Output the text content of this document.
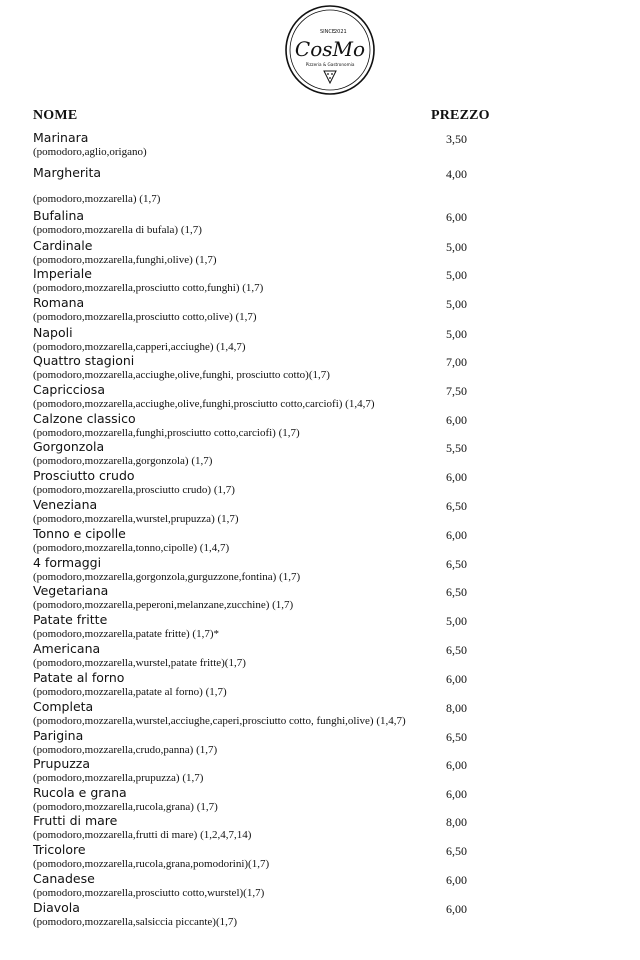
SINCE
2021
CosMo
Pizzeria & Gastronomia
NOME	PREZZO
Marinara	3,50
(pomodoro,aglio,origano)
Margherita	4,00
(pomodoro,mozzarella) (1,7)
Bufalina	6,00
(pomodoro,mozzarella di bufala) (1,7)
Cardinale	5,00
(pomodoro,mozzarella,funghi,olive) (1,7)
Imperiale	5,00
(pomodoro,mozzarella,prosciutto cotto,funghi) (1,7)
Romana	5,00
(pomodoro,mozzarella,prosciutto cotto,olive) (1,7)
Napoli	5,00
(pomodoro,mozzarella,capperi,acciughe) (1,4,7)
Quattro stagioni	7,00
(pomodoro,mozzarella,acciughe,olive,funghi, prosciutto cotto)(1,7)
Capricciosa	7,50
(pomodoro,mozzarella,acciughe,olive,funghi,prosciutto cotto,carciofi) (1,4,7)
Calzone classico	6,00
(pomodoro,mozzarella,funghi,prosciutto cotto,carciofi) (1,7)
Gorgonzola	5,50
(pomodoro,mozzarella,gorgonzola) (1,7)
Prosciutto crudo	6,00
(pomodoro,mozzarella,prosciutto crudo) (1,7)
Veneziana	6,50
(pomodoro,mozzarella,wurstel,prupuzza) (1,7)
Tonno e cipolle	6,00
(pomodoro,mozzarella,tonno,cipolle) (1,4,7)
4 formaggi	6,50
(pomodoro,mozzarella,gorgonzola,gurguzzone,fontina) (1,7)
Vegetariana	6,50
(pomodoro,mozzarella,peperoni,melanzane,zucchine) (1,7)
Patate fritte	5,00
(pomodoro,mozzarella,patate fritte) (1,7)*
Americana	6,50
(pomodoro,mozzarella,wurstel,patate fritte)(1,7)
Patate al forno	6,00
(pomodoro,mozzarella,patate al forno) (1,7)
Completa	8,00
(pomodoro,mozzarella,wurstel,acciughe,caperi,prosciutto cotto, funghi,olive) (1,4,7)
Parigina	6,50
(pomodoro,mozzarella,crudo,panna) (1,7)
Prupuzza	6,00
(pomodoro,mozzarella,prupuzza) (1,7)
Rucola e grana	6,00
(pomodoro,mozzarella,rucola,grana) (1,7)
Frutti di mare	8,00
(pomodoro,mozzarella,frutti di mare) (1,2,4,7,14)
Tricolore	6,50
(pomodoro,mozzarella,rucola,grana,pomodorini)(1,7)
Canadese	6,00
(pomodoro,mozzarella,prosciutto cotto,wurstel)(1,7)
Diavola	6,00
(pomodoro,mozzarella,salsiccia piccante)(1,7)
